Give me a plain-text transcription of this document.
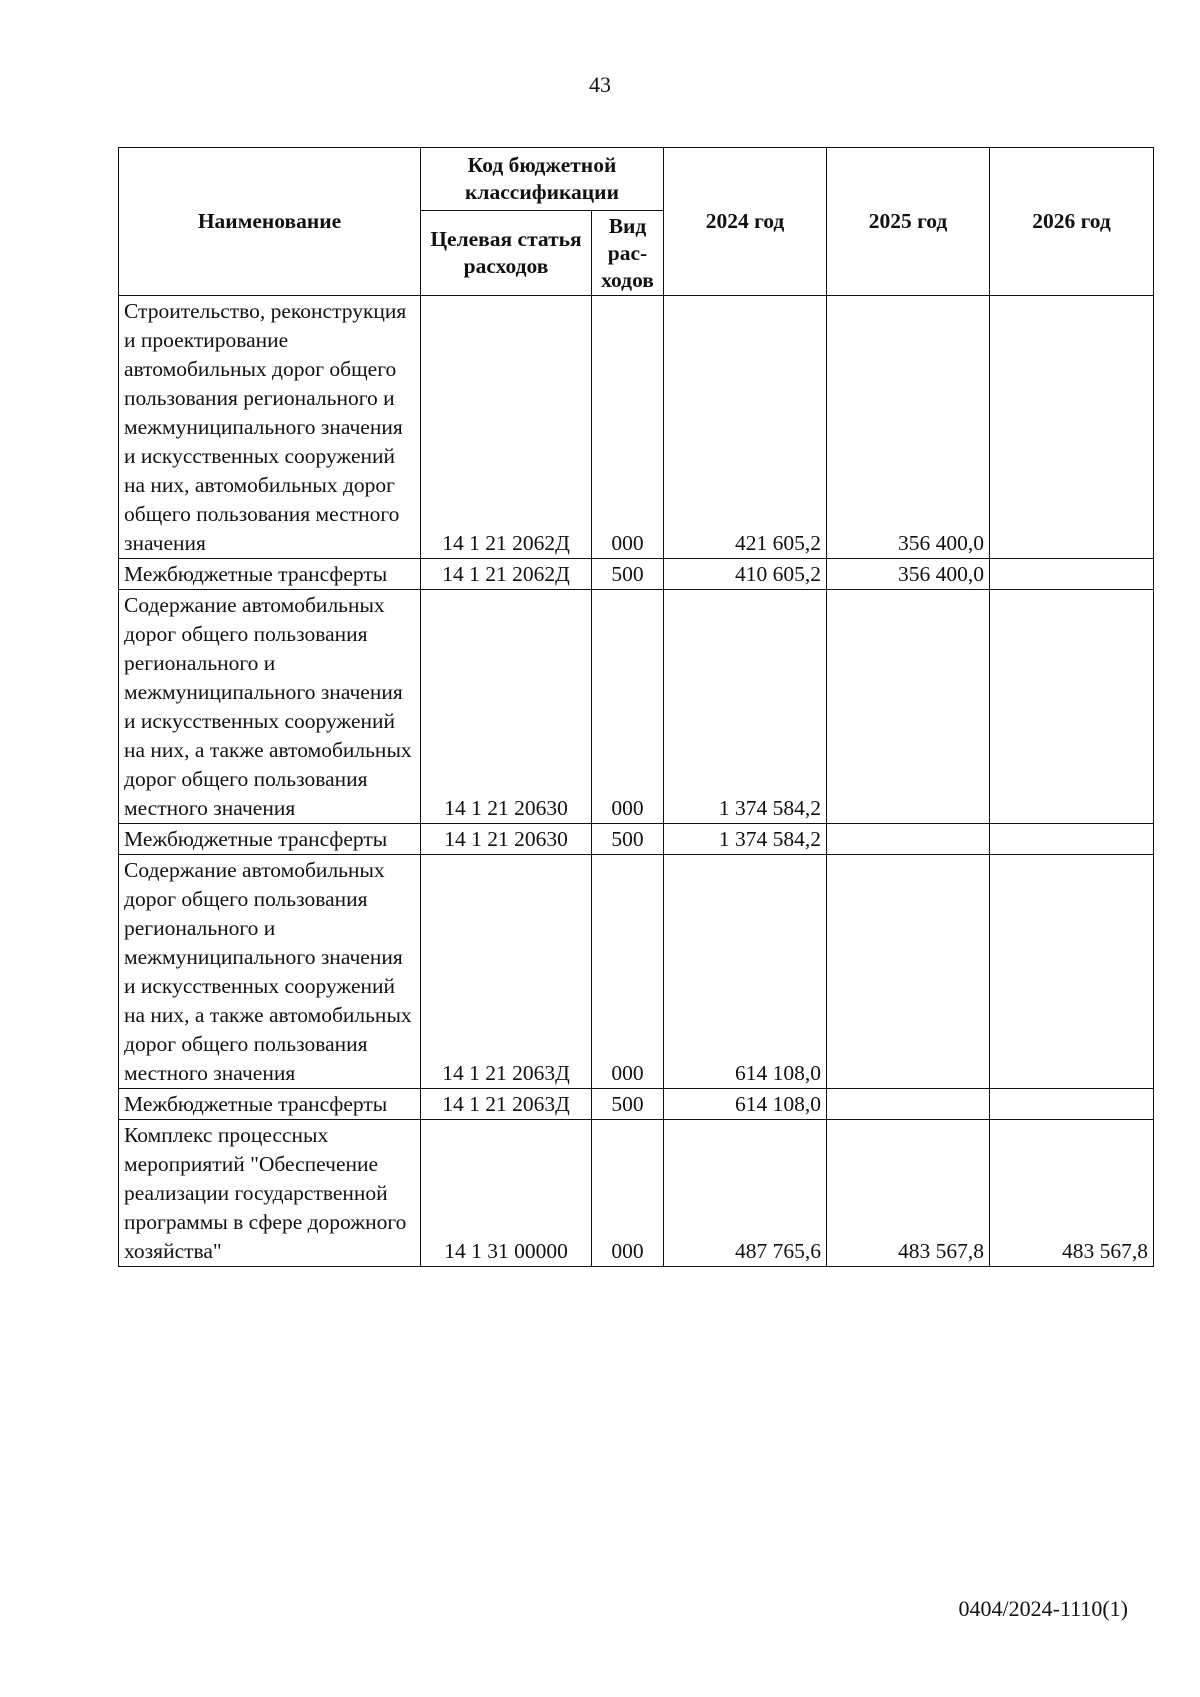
43
Наименование	Код бюджетной классификации		2024 год	2025 год	2026 год
	Целевая статья расходов	Вид рас-ходов			
Строительство, реконструкция и проектирование автомобильных дорог общего пользования регионального и межмуниципального значения и искусственных сооружений на них, автомобильных дорог общего пользования местного значения	14 1 21 2062Д	000	421 605,2	356 400,0	
Межбюджетные трансферты	14 1 21 2062Д	500	410 605,2	356 400,0	
Содержание автомобильных дорог общего пользования регионального и межмуниципального значения и искусственных сооружений на них, а также автомобильных дорог общего пользования местного значения	14 1 21 20630	000	1 374 584,2		
Межбюджетные трансферты	14 1 21 20630	500	1 374 584,2		
Содержание автомобильных дорог общего пользования регионального и межмуниципального значения и искусственных сооружений на них, а также автомобильных дорог общего пользования местного значения	14 1 21 2063Д	000	614 108,0		
Межбюджетные трансферты	14 1 21 2063Д	500	614 108,0		
Комплекс процессных мероприятий "Обеспечение реализации государственной программы в сфере дорожного хозяйства"	14 1 31 00000	000	487 765,6	483 567,8	483 567,8
0404/2024-1110(1)
